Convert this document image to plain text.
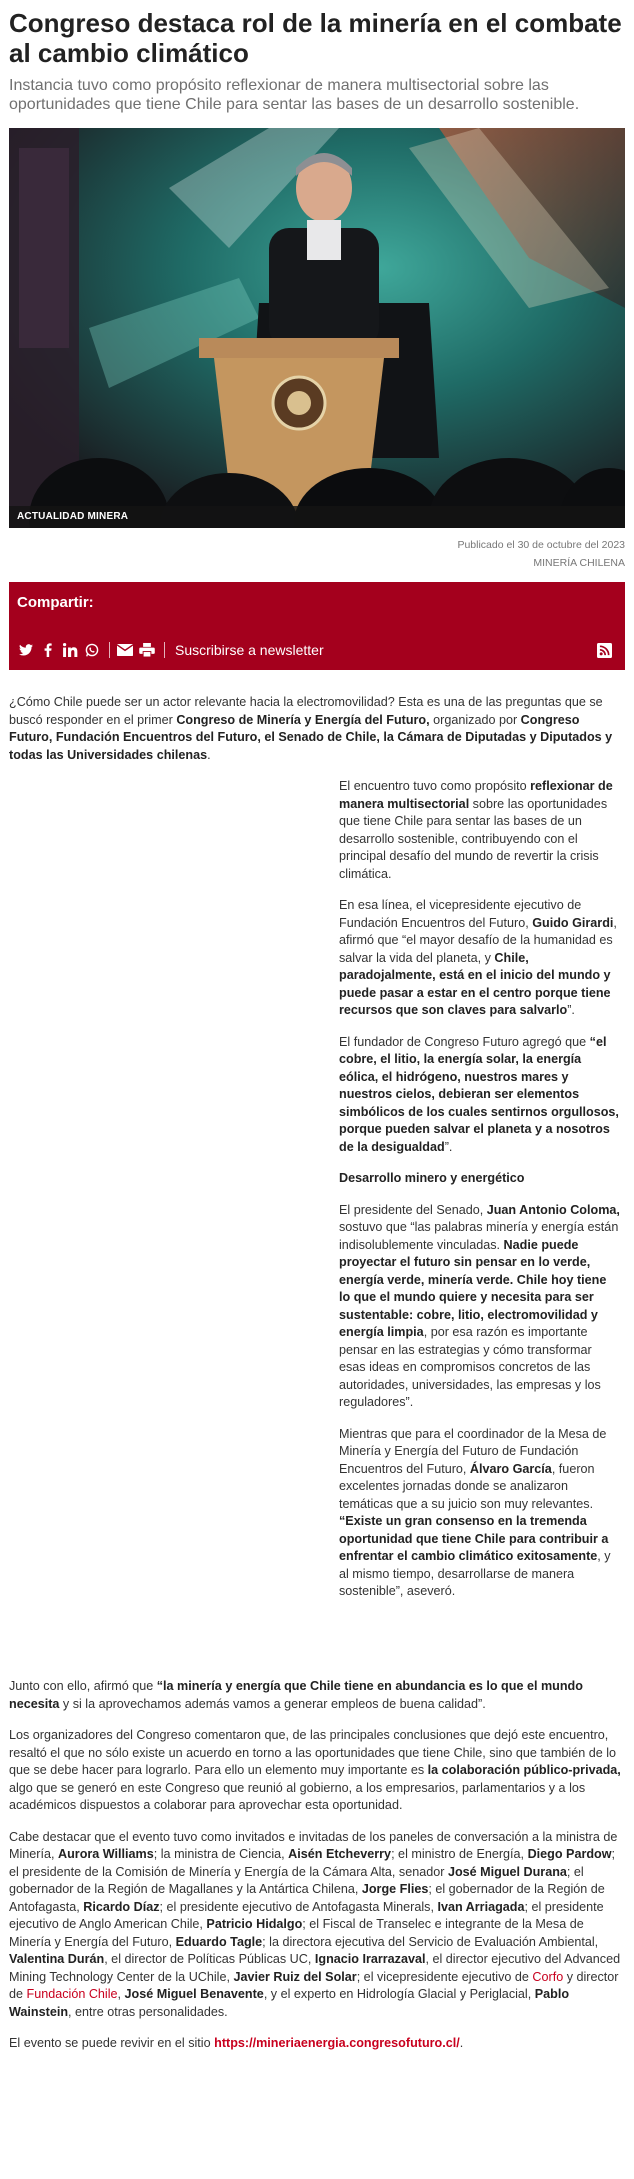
Congreso destaca rol de la minería en el combate al cambio climático
Instancia tuvo como propósito reflexionar de manera multisectorial sobre las oportunidades que tiene Chile para sentar las bases de un desarrollo sostenible.
ACTUALIDAD MINERA
Publicado el 30 de octubre del 2023
MINERÍA CHILENA
Compartir:
Suscribirse a newsletter

¿Cómo Chile puede ser un actor relevante hacia la electromovilidad? Esta es una de las preguntas que se buscó responder en el primer Congreso de Minería y Energía del Futuro, organizado por Congreso Futuro, Fundación Encuentros del Futuro, el Senado de Chile, la Cámara de Diputadas y Diputados y todas las Universidades chilenas.

El encuentro tuvo como propósito reflexionar de manera multisectorial sobre las oportunidades que tiene Chile para sentar las bases de un desarrollo sostenible, contribuyendo con el principal desafío del mundo de revertir la crisis climática.

En esa línea, el vicepresidente ejecutivo de Fundación Encuentros del Futuro, Guido Girardi, afirmó que “el mayor desafío de la humanidad es salvar la vida del planeta, y Chile, paradojalmente, está en el inicio del mundo y puede pasar a estar en el centro porque tiene recursos que son claves para salvarlo”.

El fundador de Congreso Futuro agregó que “el cobre, el litio, la energía solar, la energía eólica, el hidrógeno, nuestros mares y nuestros cielos, debieran ser elementos simbólicos de los cuales sentirnos orgullosos, porque pueden salvar el planeta y a nosotros de la desigualdad”.

Desarrollo minero y energético

El presidente del Senado, Juan Antonio Coloma, sostuvo que “las palabras minería y energía están indisolublemente vinculadas. Nadie puede proyectar el futuro sin pensar en lo verde, energía verde, minería verde. Chile hoy tiene lo que el mundo quiere y necesita para ser sustentable: cobre, litio, electromovilidad y energía limpia, por esa razón es importante pensar en las estrategias y cómo transformar esas ideas en compromisos concretos de las autoridades, universidades, las empresas y los reguladores”.

Mientras que para el coordinador de la Mesa de Minería y Energía del Futuro de Fundación Encuentros del Futuro, Álvaro García, fueron excelentes jornadas donde se analizaron temáticas que a su juicio son muy relevantes. “Existe un gran consenso en la tremenda oportunidad que tiene Chile para contribuir a enfrentar el cambio climático exitosamente, y al mismo tiempo, desarrollarse de manera sostenible”, aseveró.

Junto con ello, afirmó que “la minería y energía que Chile tiene en abundancia es lo que el mundo necesita y si la aprovechamos además vamos a generar empleos de buena calidad”.

Los organizadores del Congreso comentaron que, de las principales conclusiones que dejó este encuentro, resaltó el que no sólo existe un acuerdo en torno a las oportunidades que tiene Chile, sino que también de lo que se debe hacer para lograrlo. Para ello un elemento muy importante es la colaboración público-privada, algo que se generó en este Congreso que reunió al gobierno, a los empresarios, parlamentarios y a los académicos dispuestos a colaborar para aprovechar esta oportunidad.

Cabe destacar que el evento tuvo como invitados e invitadas de los paneles de conversación a la ministra de Minería, Aurora Williams; la ministra de Ciencia, Aisén Etcheverry; el ministro de Energía, Diego Pardow; el presidente de la Comisión de Minería y Energía de la Cámara Alta, senador José Miguel Durana; el gobernador de la Región de Magallanes y la Antártica Chilena, Jorge Flies; el gobernador de la Región de Antofagasta, Ricardo Díaz; el presidente ejecutivo de Antofagasta Minerals, Ivan Arriagada; el presidente ejecutivo de Anglo American Chile, Patricio Hidalgo; el Fiscal de Transelec e integrante de la Mesa de Minería y Energía del Futuro, Eduardo Tagle; la directora ejecutiva del Servicio de Evaluación Ambiental, Valentina Durán, el director de Políticas Públicas UC, Ignacio Irarrazaval, el director ejecutivo del Advanced Mining Technology Center de la UChile, Javier Ruiz del Solar; el vicepresidente ejecutivo de Corfo y director de Fundación Chile, José Miguel Benavente, y el experto en Hidrología Glacial y Periglacial, Pablo Wainstein, entre otras personalidades.

El evento se puede revivir en el sitio https://mineriaenergia.congresofuturo.cl/.
